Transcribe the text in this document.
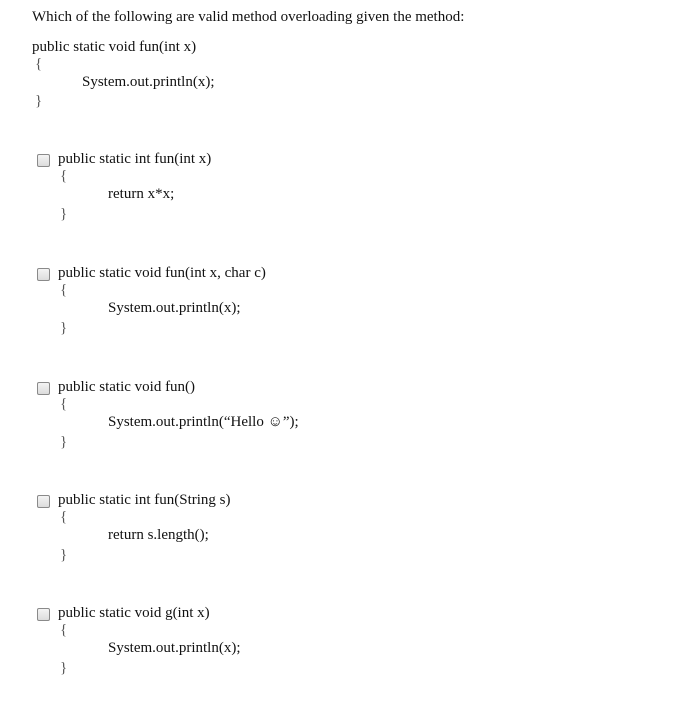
Which of the following are valid method overloading given the method:
public static void fun(int x)
{
System.out.println(x);
}
public static int fun(int x)
{
return x*x;
}
public static void fun(int x, char c)
{
System.out.println(x);
}
public static void fun()
{
System.out.println(“Hello ☺”);
}
public static int fun(String s)
{
return s.length();
}
public static void g(int x)
{
System.out.println(x);
}
